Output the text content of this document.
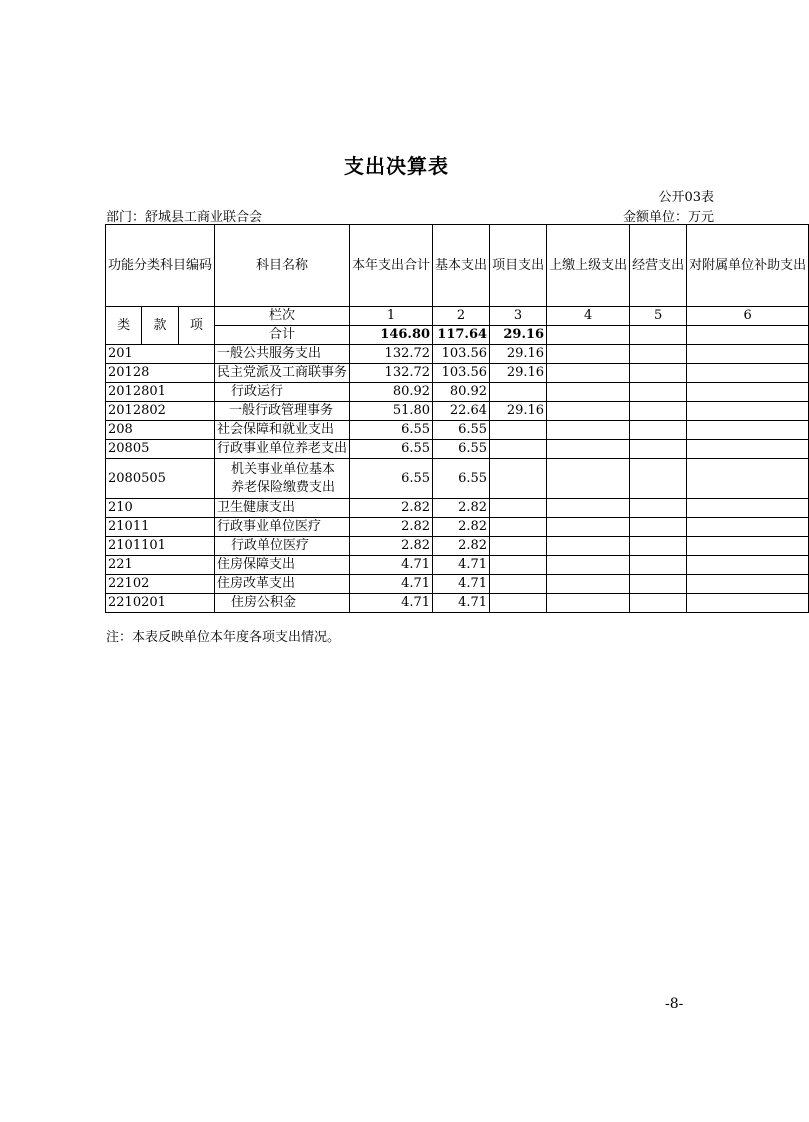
支出决算表
公开03表
部门：舒城县工商业联合会	金额单位：万元
功能分类科目编码			科目名称	本年支出合计	基本支出	项目支出	上缴上级支出	经营支出	对附属单位补助支出
类	款	项	栏次	1	2	3	4	5	6
			合计	146.80	117.64	29.16			
201			一般公共服务支出	132.72	103.56	29.16			
20128			民主党派及工商联事务	132.72	103.56	29.16			
2012801			行政运行	80.92	80.92				
2012802			一般行政管理事务	51.80	22.64	29.16			
208			社会保障和就业支出	6.55	6.55				
20805			行政事业单位养老支出	6.55	6.55				
2080505			机关事业单位基本养老保险缴费支出	6.55	6.55				
210			卫生健康支出	2.82	2.82				
21011			行政事业单位医疗	2.82	2.82				
2101101			行政单位医疗	2.82	2.82				
221			住房保障支出	4.71	4.71				
22102			住房改革支出	4.71	4.71				
2210201			住房公积金	4.71	4.71				
注：本表反映单位本年度各项支出情况。
-8-
